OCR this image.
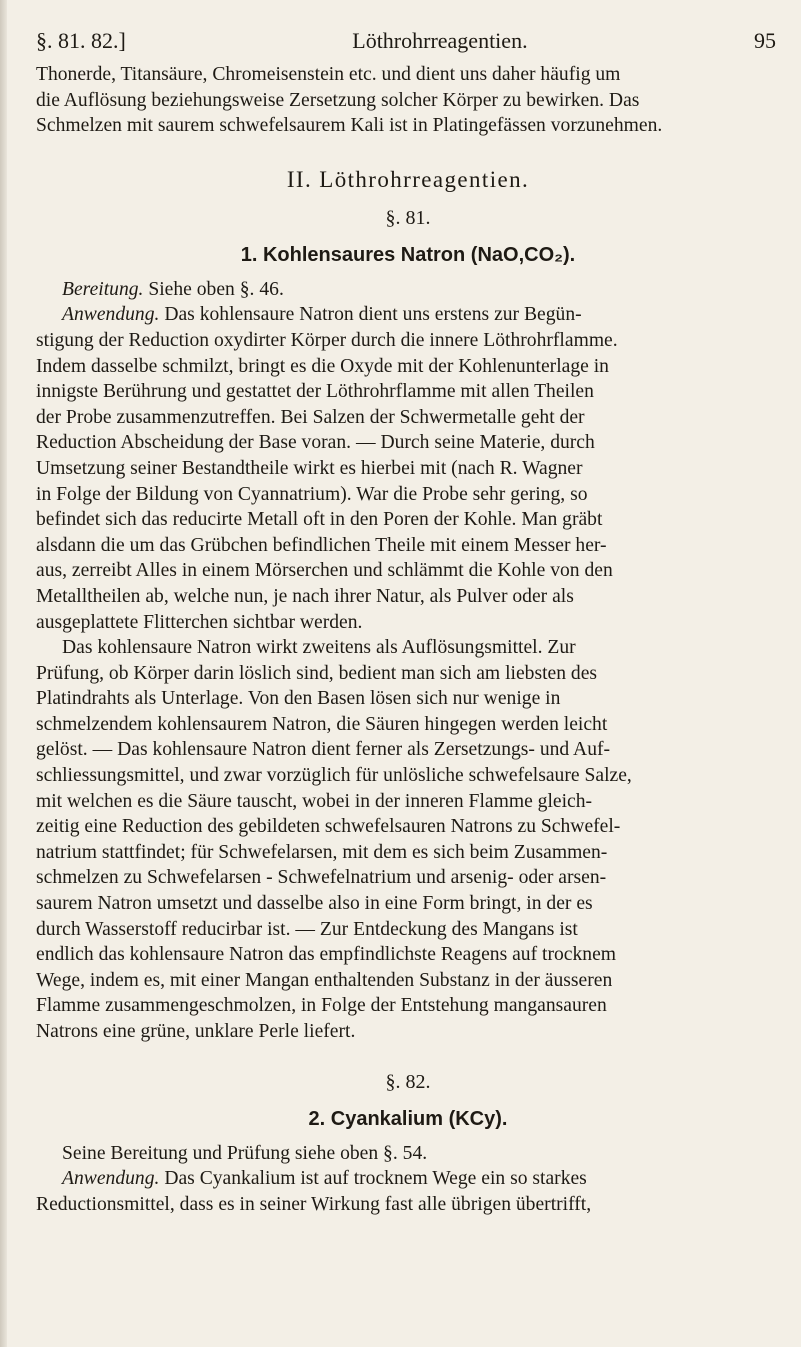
§. 81. 82.]	Löthrohrreagentien.	95

Thonerde, Titansäure, Chromeisenstein etc. und dient uns daher häufig um
die Auflösung beziehungsweise Zersetzung solcher Körper zu bewirken. Das
Schmelzen mit saurem schwefelsaurem Kali ist in Platingefässen vorzunehmen.

II. Löthrohrreagentien.

§. 81.

1. Kohlensaures Natron (NaO,CO₂).

Bereitung. Siehe oben §. 46.

Anwendung. Das kohlensaure Natron dient uns erstens zur Begün-
stigung der Reduction oxydirter Körper durch die innere Löthrohrflamme.
Indem dasselbe schmilzt, bringt es die Oxyde mit der Kohlenunterlage in
innigste Berührung und gestattet der Löthrohrflamme mit allen Theilen
der Probe zusammenzutreffen. Bei Salzen der Schwermetalle geht der
Reduction Abscheidung der Base voran. — Durch seine Materie, durch
Umsetzung seiner Bestandtheile wirkt es hierbei mit (nach R. Wagner
in Folge der Bildung von Cyannatrium). War die Probe sehr gering, so
befindet sich das reducirte Metall oft in den Poren der Kohle. Man gräbt
alsdann die um das Grübchen befindlichen Theile mit einem Messer her-
aus, zerreibt Alles in einem Mörserchen und schlämmt die Kohle von den
Metalltheilen ab, welche nun, je nach ihrer Natur, als Pulver oder als
ausgeplattete Flitterchen sichtbar werden.

Das kohlensaure Natron wirkt zweitens als Auflösungsmittel. Zur
Prüfung, ob Körper darin löslich sind, bedient man sich am liebsten des
Platindrahts als Unterlage. Von den Basen lösen sich nur wenige in
schmelzendem kohlensaurem Natron, die Säuren hingegen werden leicht
gelöst. — Das kohlensaure Natron dient ferner als Zersetzungs- und Auf-
schliessungsmittel, und zwar vorzüglich für unlösliche schwefelsaure Salze,
mit welchen es die Säure tauscht, wobei in der inneren Flamme gleich-
zeitig eine Reduction des gebildeten schwefelsauren Natrons zu Schwefel-
natrium stattfindet; für Schwefelarsen, mit dem es sich beim Zusammen-
schmelzen zu Schwefelarsen - Schwefelnatrium und arsenig- oder arsen-
saurem Natron umsetzt und dasselbe also in eine Form bringt, in der es
durch Wasserstoff reducirbar ist. — Zur Entdeckung des Mangans ist
endlich das kohlensaure Natron das empfindlichste Reagens auf trocknem
Wege, indem es, mit einer Mangan enthaltenden Substanz in der äusseren
Flamme zusammengeschmolzen, in Folge der Entstehung mangansauren
Natrons eine grüne, unklare Perle liefert.

§. 82.

2. Cyankalium (KCy).

Seine Bereitung und Prüfung siehe oben §. 54.
Anwendung. Das Cyankalium ist auf trocknem Wege ein so starkes
Reductionsmittel, dass es in seiner Wirkung fast alle übrigen übertrifft,
